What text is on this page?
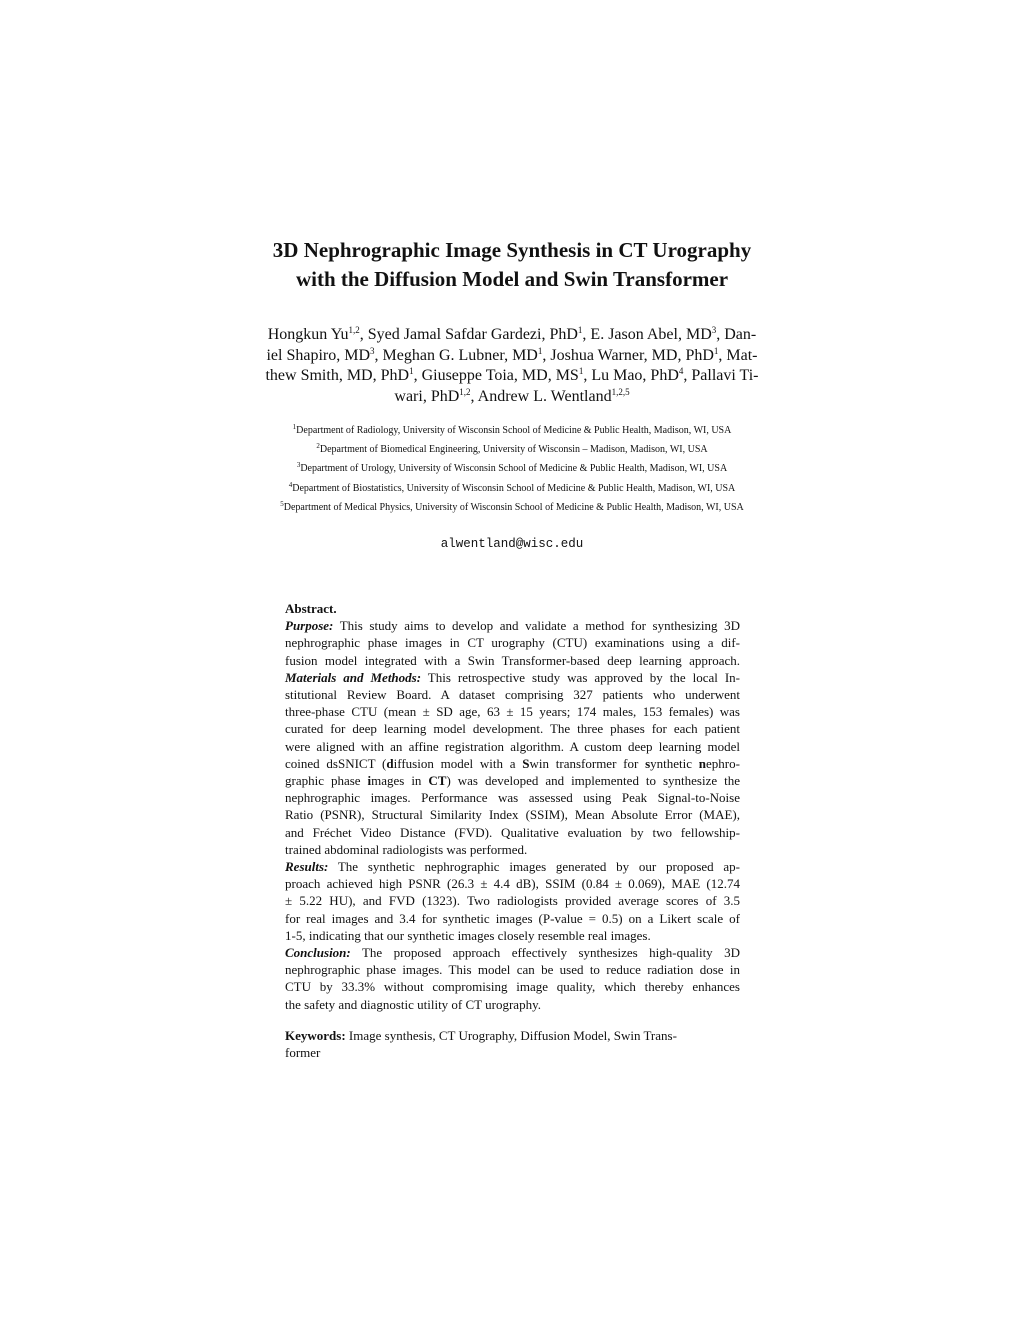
3D Nephrographic Image Synthesis in CT Urography
with the Diffusion Model and Swin Transformer
Hongkun Yu$^{1,2}$, Syed Jamal Safdar Gardezi, PhD$^1$, E. Jason Abel, $MD^3$, Dan-
iel Shapiro, $MD^3$, Meghan G. Lubner, $MD^1$, Joshua Warner, MD, PhD$^1$, Mat-
thew Smith, MD, PhD$^1$, Giuseppe Toia, MD, $MS^1$, Lu Mao, PhD$^4$, Pallavi Ti-
wari, PhD$^{1,2}$, Andrew L. Wentland$^{1,2,5}$
$^1$Department of Radiology, University of Wisconsin School of Medicine & Public Health, Madison, WI, USA
$^2$Department of Biomedical Engineering, University of Wisconsin – Madison, Madison, WI, USA
$^3$Department of Urology, University of Wisconsin School of Medicine & Public Health, Madison, WI, USA
$^4$Department of Biostatistics, University of Wisconsin School of Medicine & Public Health, Madison, WI, USA
$^5$Department of Medical Physics, University of Wisconsin School of Medicine & Public Health, Madison, WI, USA
alwentland@wisc.edu
Abstract.
Purpose: This study aims to develop and validate a method for synthesizing 3D
nephrographic phase images in CT urography (CTU) examinations using a dif-
fusion model integrated with a Swin Transformer-based deep learning approach.
Materials and Methods: This retrospective study was approved by the local In-
stitutional Review Board. A dataset comprising 327 patients who underwent
three-phase CTU (mean ± SD age, 63 ± 15 years; 174 males, 153 females) was
curated for deep learning model development. The three phases for each patient
were aligned with an affine registration algorithm. A custom deep learning model
coined dsSNICT (diffusion model with a Swin transformer for synthetic nephro-
graphic phase images in CT) was developed and implemented to synthesize the
nephrographic images. Performance was assessed using Peak Signal-to-Noise
Ratio (PSNR), Structural Similarity Index (SSIM), Mean Absolute Error (MAE),
and Fréchet Video Distance (FVD). Qualitative evaluation by two fellowship-
trained abdominal radiologists was performed.
Results: The synthetic nephrographic images generated by our proposed ap-
proach achieved high PSNR (26.3 ± 4.4 dB), SSIM (0.84 ± 0.069), MAE (12.74
± 5.22 HU), and FVD (1323). Two radiologists provided average scores of 3.5
for real images and 3.4 for synthetic images (P-value = 0.5) on a Likert scale of
1-5, indicating that our synthetic images closely resemble real images.
Conclusion: The proposed approach effectively synthesizes high-quality 3D
nephrographic phase images. This model can be used to reduce radiation dose in
CTU by 33.3% without compromising image quality, which thereby enhances
the safety and diagnostic utility of CT urography.
Keywords: Image synthesis, CT Urography, Diffusion Model, Swin Trans-
former
